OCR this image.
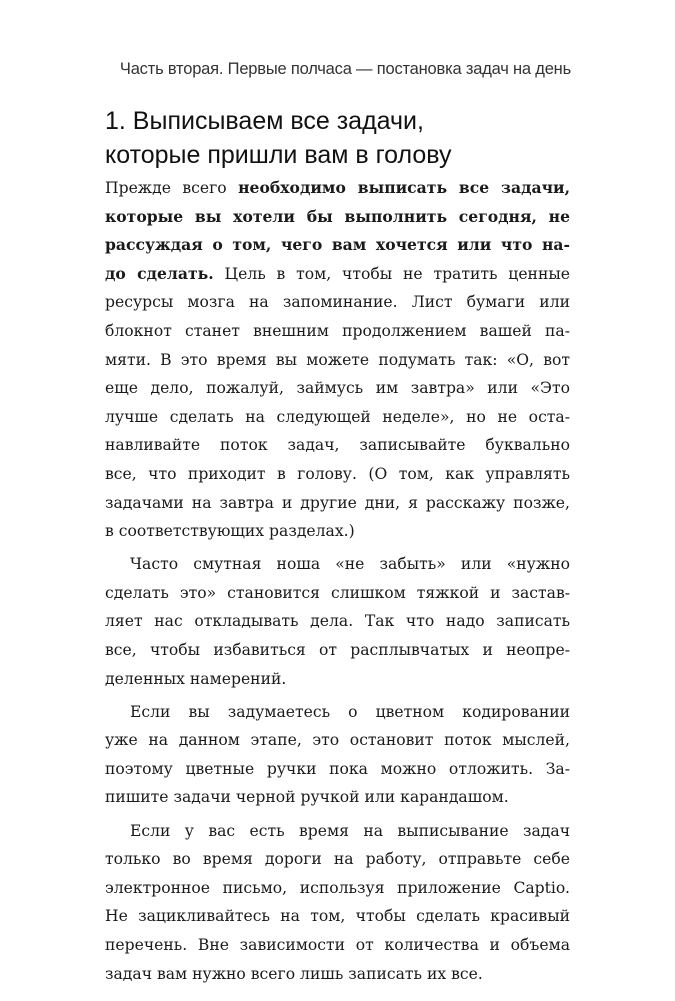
Часть вторая. Первые полчаса — постановка задач на день
1. Выписываем все задачи,
которые пришли вам в голову
Прежде всего необходимо выписать все задачи,
которые вы хотели бы выполнить сегодня, не
рассуждая о том, чего вам хочется или что на-
до сделать. Цель в том, чтобы не тратить ценные
ресурсы мозга на запоминание. Лист бумаги или
блокнот станет внешним продолжением вашей па-
мяти. В это время вы можете подумать так: «О, вот
еще дело, пожалуй, займусь им завтра» или «Это
лучше сделать на следующей неделе», но не оста-
навливайте поток задач, записывайте буквально
все, что приходит в голову. (О том, как управлять
задачами на завтра и другие дни, я расскажу позже,
в соответствующих разделах.)
Часто смутная ноша «не забыть» или «нужно
сделать это» становится слишком тяжкой и застав-
ляет нас откладывать дела. Так что надо записать
все, чтобы избавиться от расплывчатых и неопре-
деленных намерений.
Если вы задумаетесь о цветном кодировании
уже на данном этапе, это остановит поток мыслей,
поэтому цветные ручки пока можно отложить. За-
пишите задачи черной ручкой или карандашом.
Если у вас есть время на выписывание задач
только во время дороги на работу, отправьте себе
электронное письмо, используя приложение Captio.
Не зацикливайтесь на том, чтобы сделать красивый
перечень. Вне зависимости от количества и объема
задач вам нужно всего лишь записать их все.
